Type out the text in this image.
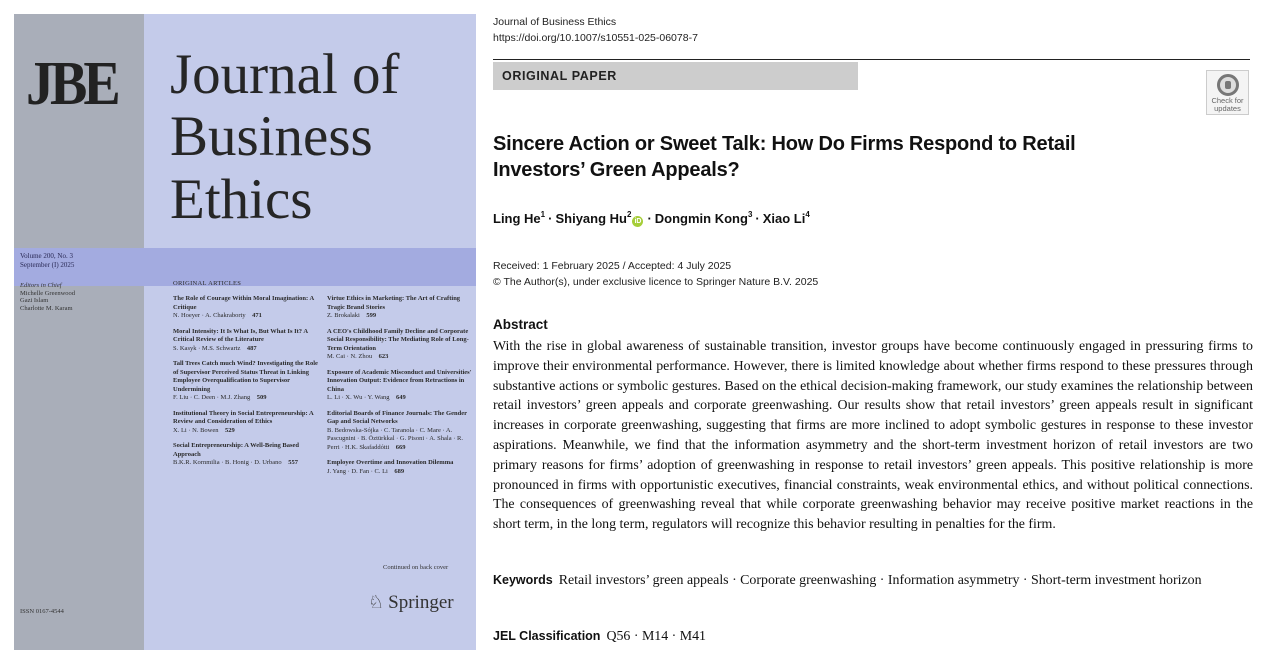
JBE Journal of
Business
Ethics
Volume 200, No. 3
September (I) 2025
Editors in Chief
Michelle Greenwood
Gazi Islam
Charlotte M. Karam
ISSN 0167-4544
ORIGINAL ARTICLES
The Role of Courage Within Moral Imagination: A Critique
N. Hoeyer · A. Chakraborty  471
Moral Intensity: It Is What Is, But What Is It? A Critical Review of the Literature
S. Kasyk · M.S. Schwartz  487
Tall Trees Catch much Wind? Investigating the Role of Supervisor Perceived Status Threat in Linking Employee Overqualification to Supervisor Undermining
F. Liu · C. Deen · M.J. Zhang  509
Institutional Theory in Social Entrepreneurship: A Review and Consideration of Ethics
X. Li · N. Bowen  529
Social Entrepreneurship: A Well-Being Based Approach
B.K.R. Kornmilia · B. Honig · D. Urbano  557
Virtue Ethics in Marketing: The Art of Crafting Tragic Brand Stories
Z. Brokalaki  599
A CEO's Childhood Family Decline and Corporate Social Responsibility: The Mediating Role of Long-Term Orientation
M. Cai · N. Zhou  623
Exposure of Academic Misconduct and Universities' Innovation Output: Evidence from Retractions in China
L. Li · X. Wu · Y. Wang  649
Editorial Boards of Finance Journals: The Gender Gap and Social Networks
B. Bedowska-Sójka · C. Taranola · C. Mare · A. Pascugnini · B. Öztürkkal · G. Pisoni · A. Shala · R. Perri · H.K. Skafaddótti  669
Employee Overtime and Innovation Dilemma
J. Yang · D. Fan · C. Li  689
Continued on back cover
♘ Springer
Journal of Business Ethics
https://doi.org/10.1007/s10551-025-06078-7
ORIGINAL PAPER
Check for
updates
Sincere Action or Sweet Talk: How Do Firms Respond to Retail Investors’ Green Appeals?
Ling $He^1$ · Shiyang $Hu^2iD$ · Dongmin Kong$^3$ · Xiao Li$^4$
Received: 1 February 2025 / Accepted: 4 July 2025
© The Author(s), under exclusive licence to Springer Nature B.V. 2025
Abstract
With the rise in global awareness of sustainable transition, investor groups have become continuously engaged in pressuring firms to improve their environmental performance. However, there is limited knowledge about whether firms respond to these pressures through substantive actions or symbolic gestures. Based on the ethical decision-making framework, our study examines the relationship between retail investors’ green appeals and corporate greenwashing. Our results show that retail investors’ green appeals result in significant increases in corporate greenwashing, suggesting that firms are more inclined to adopt symbolic gestures in response to these investor aspirations. Meanwhile, we find that the information asymmetry and the short-term investment horizon of retail investors are two primary reasons for firms’ adoption of greenwashing in response to retail investors’ green appeals. This positive relationship is more pronounced in firms with opportunistic executives, financial constraints, weak environmental ethics, and without political connections. The consequences of greenwashing reveal that while corporate greenwashing behavior may receive positive market reactions in the short term, in the long term, regulators will recognize this behavior resulting in penalties for the firm.
Keywords Retail investors’ green appeals · Corporate greenwashing · Information asymmetry · Short-term investment horizon
JEL Classification Q56 · M14 · M41
